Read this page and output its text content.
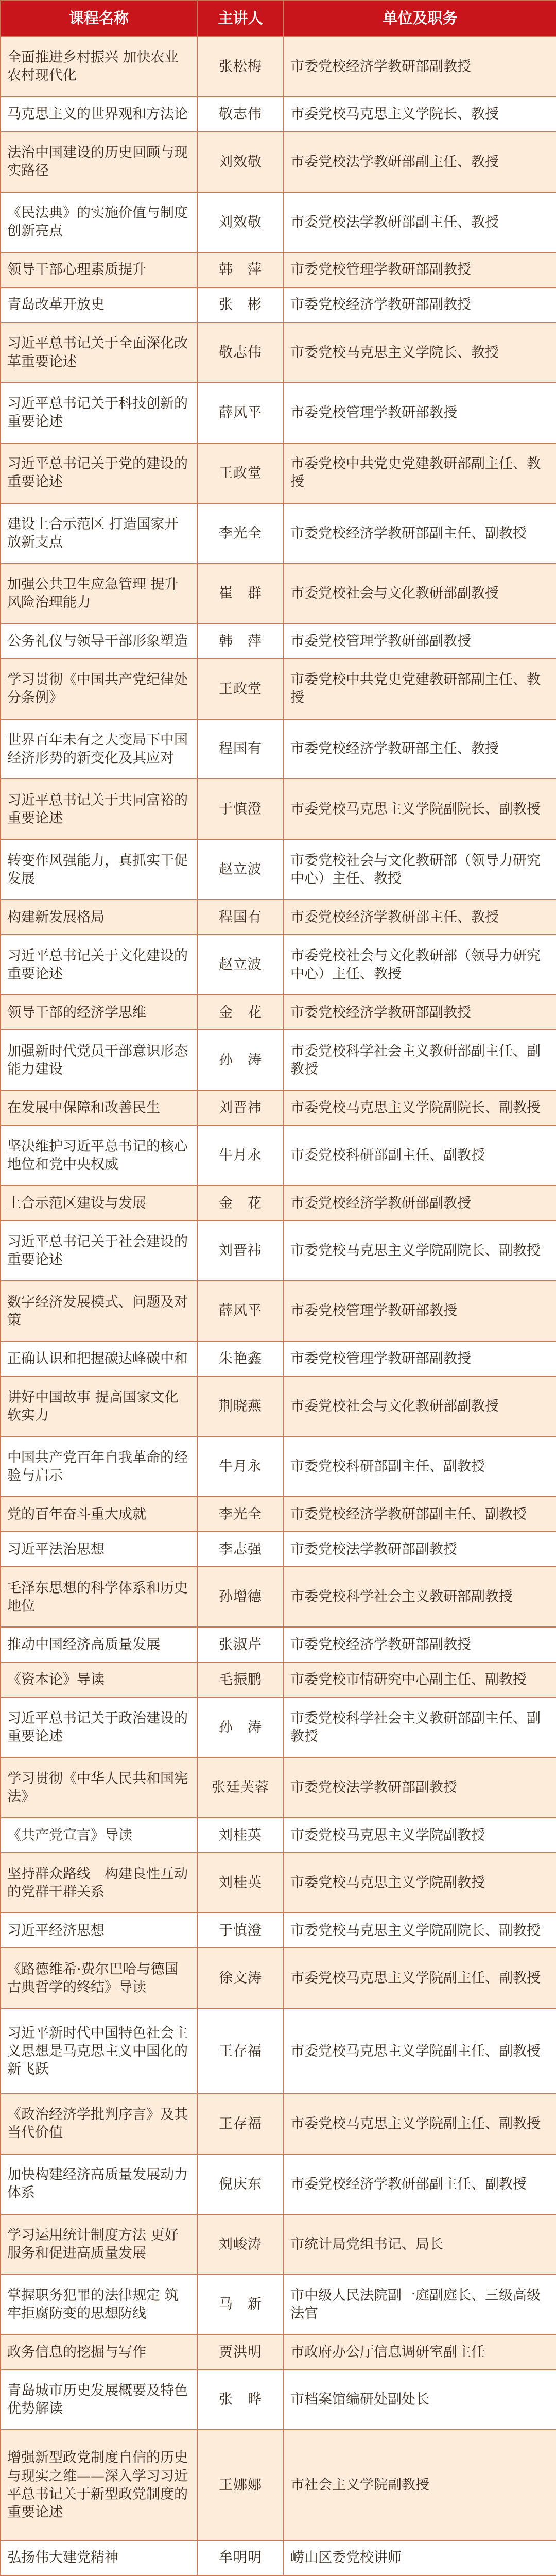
课程名称	主讲人	单位及职务
全面推进乡村振兴 加快农业农村现代化	张松梅	市委党校经济学教研部副教授
马克思主义的世界观和方法论	敬志伟	市委党校马克思主义学院长、教授
法治中国建设的历史回顾与现实路径	刘效敬	市委党校法学教研部副主任、教授
《民法典》的实施价值与制度创新亮点	刘效敬	市委党校法学教研部副主任、教授
领导干部心理素质提升	韩　萍	市委党校管理学教研部副教授
青岛改革开放史	张　彬	市委党校经济学教研部副教授
习近平总书记关于全面深化改革重要论述	敬志伟	市委党校马克思主义学院长、教授
习近平总书记关于科技创新的重要论述	薛风平	市委党校管理学教研部教授
习近平总书记关于党的建设的重要论述	王政堂	市委党校中共党史党建教研部副主任、教授
建设上合示范区 打造国家开放新支点	李光全	市委党校经济学教研部副主任、副教授
加强公共卫生应急管理 提升风险治理能力	崔　群	市委党校社会与文化教研部副教授
公务礼仪与领导干部形象塑造	韩　萍	市委党校管理学教研部副教授
学习贯彻《中国共产党纪律处分条例》	王政堂	市委党校中共党史党建教研部副主任、教授
世界百年未有之大变局下中国经济形势的新变化及其应对	程国有	市委党校经济学教研部主任、教授
习近平总书记关于共同富裕的重要论述	于慎澄	市委党校马克思主义学院副院长、副教授
转变作风强能力，真抓实干促发展	赵立波	市委党校社会与文化教研部（领导力研究中心）主任、教授
构建新发展格局	程国有	市委党校经济学教研部主任、教授
习近平总书记关于文化建设的重要论述	赵立波	市委党校社会与文化教研部（领导力研究中心）主任、教授
领导干部的经济学思维	金　花	市委党校经济学教研部副教授
加强新时代党员干部意识形态能力建设	孙　涛	市委党校科学社会主义教研部副主任、副教授
在发展中保障和改善民生	刘晋祎	市委党校马克思主义学院副院长、副教授
坚决维护习近平总书记的核心地位和党中央权威	牛月永	市委党校科研部副主任、副教授
上合示范区建设与发展	金　花	市委党校经济学教研部副教授
习近平总书记关于社会建设的重要论述	刘晋祎	市委党校马克思主义学院副院长、副教授
数字经济发展模式、问题及对策	薛风平	市委党校管理学教研部教授
正确认识和把握碳达峰碳中和	朱艳鑫	市委党校管理学教研部副教授
讲好中国故事 提高国家文化软实力	荆晓燕	市委党校社会与文化教研部副教授
中国共产党百年自我革命的经验与启示	牛月永	市委党校科研部副主任、副教授
党的百年奋斗重大成就	李光全	市委党校经济学教研部副主任、副教授
习近平法治思想	李志强	市委党校法学教研部副教授
毛泽东思想的科学体系和历史地位	孙增德	市委党校科学社会主义教研部副教授
推动中国经济高质量发展	张淑芹	市委党校经济学教研部副教授
《资本论》导读	毛振鹏	市委党校市情研究中心副主任、副教授
习近平总书记关于政治建设的重要论述	孙　涛	市委党校科学社会主义教研部副主任、副教授
学习贯彻《中华人民共和国宪法》	张廷芙蓉	市委党校法学教研部副教授
《共产党宣言》导读	刘桂英	市委党校马克思主义学院副教授
坚持群众路线　构建良性互动的党群干群关系	刘桂英	市委党校马克思主义学院副教授
习近平经济思想	于慎澄	市委党校马克思主义学院副院长、副教授
《路德维希·费尔巴哈与德国古典哲学的终结》导读	徐文涛	市委党校马克思主义学院副主任、副教授
习近平新时代中国特色社会主义思想是马克思主义中国化的新飞跃	王存福	市委党校马克思主义学院副主任、副教授
《政治经济学批判序言》及其当代价值	王存福	市委党校马克思主义学院副主任、副教授
加快构建经济高质量发展动力体系	倪庆东	市委党校经济学教研部副主任、副教授
学习运用统计制度方法 更好服务和促进高质量发展	刘峻涛	市统计局党组书记、局长
掌握职务犯罪的法律规定 筑牢拒腐防变的思想防线	马　新	市中级人民法院副一庭副庭长、三级高级法官
政务信息的挖掘与写作	贾洪明	市政府办公厅信息调研室副主任
青岛城市历史发展概要及特色优势解读	张　晔	市档案馆编研处副处长
增强新型政党制度自信的历史与现实之维——深入学习习近平总书记关于新型政党制度的重要论述	王娜娜	市社会主义学院副教授
弘扬伟大建党精神	牟明明	崂山区委党校讲师
